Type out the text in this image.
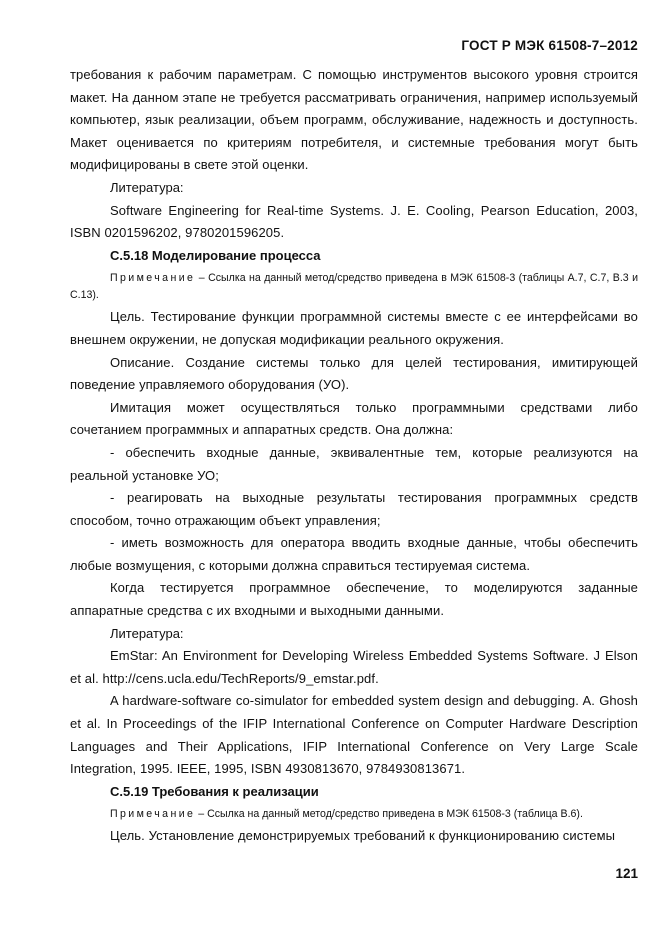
ГОСТ Р МЭК 61508-7–2012

требования к рабочим параметрам. С помощью инструментов высокого уровня строится макет. На данном этапе не требуется рассматривать ограничения, например используемый компьютер, язык реализации, объем программ, обслуживание, надежность и доступность. Макет оценивается по критериям потребителя, и системные требования могут быть модифицированы в свете этой оценки.

Литература:

Software Engineering for Real-time Systems. J. E. Cooling, Pearson Education, 2003, ISBN 0201596202, 9780201596205.

C.5.18 Моделирование процесса

Примечание – Ссылка на данный метод/средство приведена в МЭК 61508-3 (таблицы А.7, С.7, В.3 и С.13).

Цель. Тестирование функции программной системы вместе с ее интерфейсами во внешнем окружении, не допуская модификации реального окружения.

Описание. Создание системы только для целей тестирования, имитирующей поведение управляемого оборудования (УО).

Имитация может осуществляться только программными средствами либо сочетанием программных и аппаратных средств. Она должна:

- обеспечить входные данные, эквивалентные тем, которые реализуются на реальной установке УО;

- реагировать на выходные результаты тестирования программных средств способом, точно отражающим объект управления;

- иметь возможность для оператора вводить входные данные, чтобы обеспечить любые возмущения, с которыми должна справиться тестируемая система.

Когда тестируется программное обеспечение, то моделируются заданные аппаратные средства с их входными и выходными данными.

Литература:

EmStar: An Environment for Developing Wireless Embedded Systems Software. J Elson et al. http://cens.ucla.edu/TechReports/9_emstar.pdf.

A hardware-software co-simulator for embedded system design and debugging. A. Ghosh et al. In Proceedings of the IFIP International Conference on Computer Hardware Description Languages and Their Applications, IFIP International Conference on Very Large Scale Integration, 1995. IEEE, 1995, ISBN 4930813670, 9784930813671.

C.5.19 Требования к реализации

Примечание – Ссылка на данный метод/средство приведена в МЭК 61508-3 (таблица В.6).

Цель. Установление демонстрируемых требований к функционированию системы

121
